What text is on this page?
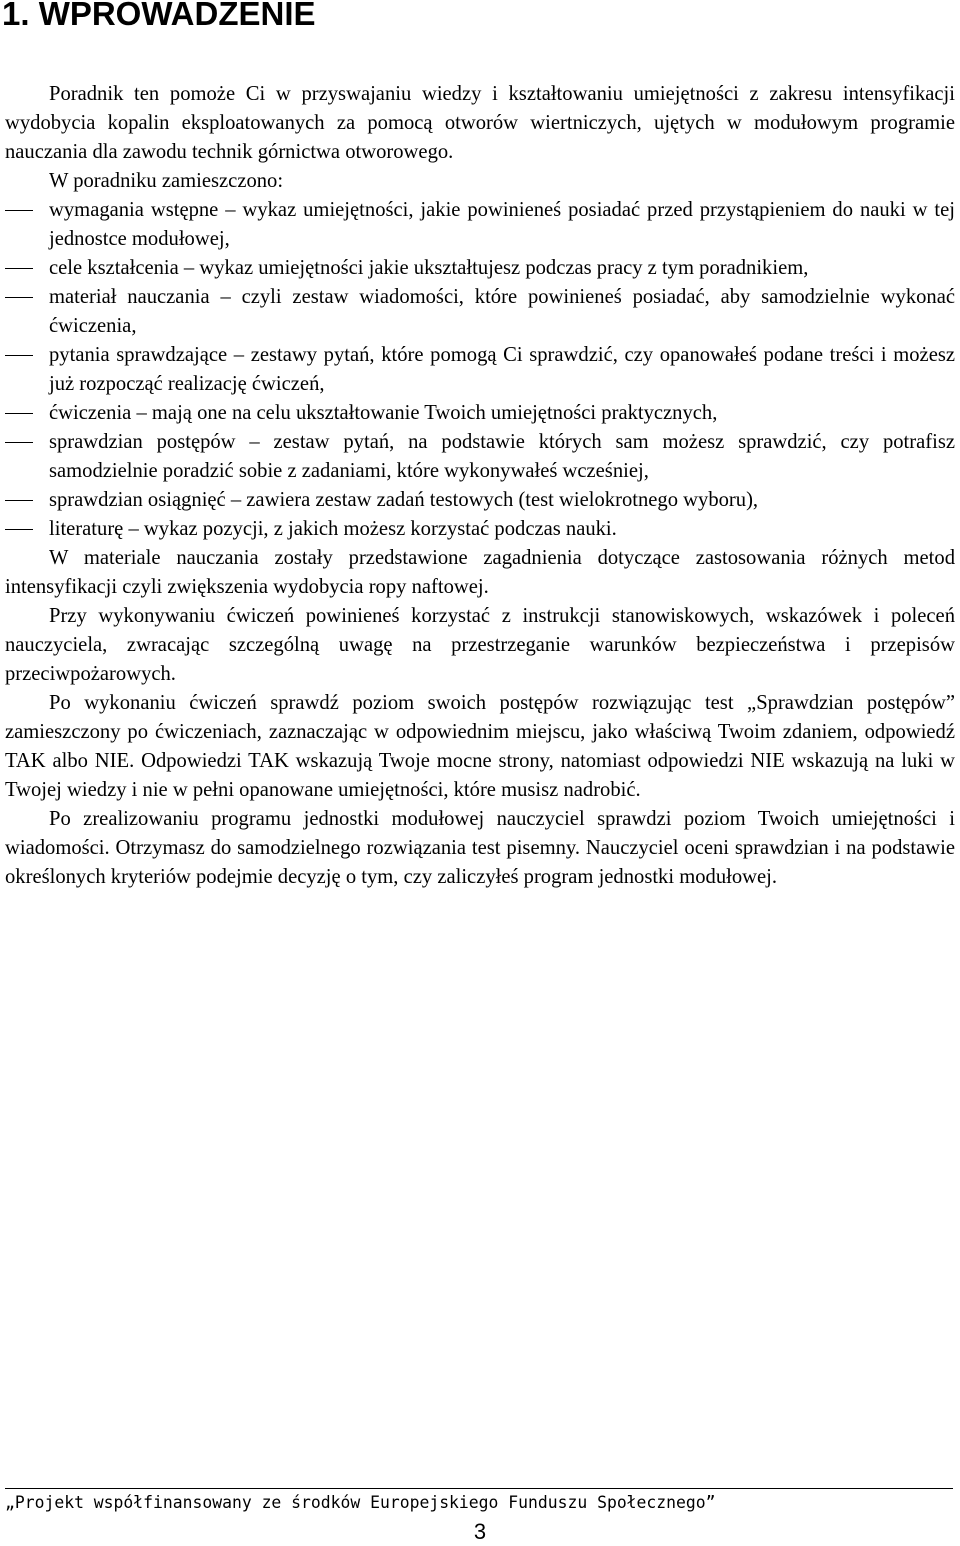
1. WPROWADZENIE

Poradnik ten pomoże Ci w przyswajaniu wiedzy i kształtowaniu umiejętności z zakresu intensyfikacji wydobycia kopalin eksploatowanych za pomocą otworów wiertniczych, ujętych w modułowym programie nauczania dla zawodu technik górnictwa otworowego.

W poradniku zamieszczono:

wymagania wstępne – wykaz umiejętności, jakie powinieneś posiadać przed przystąpieniem do nauki w tej jednostce modułowej,
cele kształcenia – wykaz umiejętności jakie ukształtujesz podczas pracy z tym poradnikiem,
materiał nauczania – czyli zestaw wiadomości, które powinieneś posiadać, aby samodzielnie wykonać ćwiczenia,
pytania sprawdzające – zestawy pytań, które pomogą Ci sprawdzić, czy opanowałeś podane treści i możesz już rozpocząć realizację ćwiczeń,
ćwiczenia – mają one na celu ukształtowanie Twoich umiejętności praktycznych,
sprawdzian postępów – zestaw pytań, na podstawie których sam możesz sprawdzić, czy potrafisz samodzielnie poradzić sobie z zadaniami, które wykonywałeś wcześniej,
sprawdzian osiągnięć – zawiera zestaw zadań testowych (test wielokrotnego wyboru),
literaturę – wykaz pozycji, z jakich możesz korzystać podczas nauki.

W materiale nauczania zostały przedstawione zagadnienia dotyczące zastosowania różnych metod intensyfikacji czyli zwiększenia wydobycia ropy naftowej.

Przy wykonywaniu ćwiczeń powinieneś korzystać z instrukcji stanowiskowych, wskazówek i poleceń nauczyciela, zwracając szczególną uwagę na przestrzeganie warunków bezpieczeństwa i przepisów przeciwpożarowych.

Po wykonaniu ćwiczeń sprawdź poziom swoich postępów rozwiązując test „Sprawdzian postępów” zamieszczony po ćwiczeniach, zaznaczając w odpowiednim miejscu, jako właściwą Twoim zdaniem, odpowiedź TAK albo NIE. Odpowiedzi TAK wskazują Twoje mocne strony, natomiast odpowiedzi NIE wskazują na luki w Twojej wiedzy i nie w pełni opanowane umiejętności, które musisz nadrobić.

Po zrealizowaniu programu jednostki modułowej nauczyciel sprawdzi poziom Twoich umiejętności i wiadomości. Otrzymasz do samodzielnego rozwiązania test pisemny. Nauczyciel oceni sprawdzian i na podstawie określonych kryteriów podejmie decyzję o tym, czy zaliczyłeś program jednostki modułowej.

„Projekt współfinansowany ze środków Europejskiego Funduszu Społecznego”
3
